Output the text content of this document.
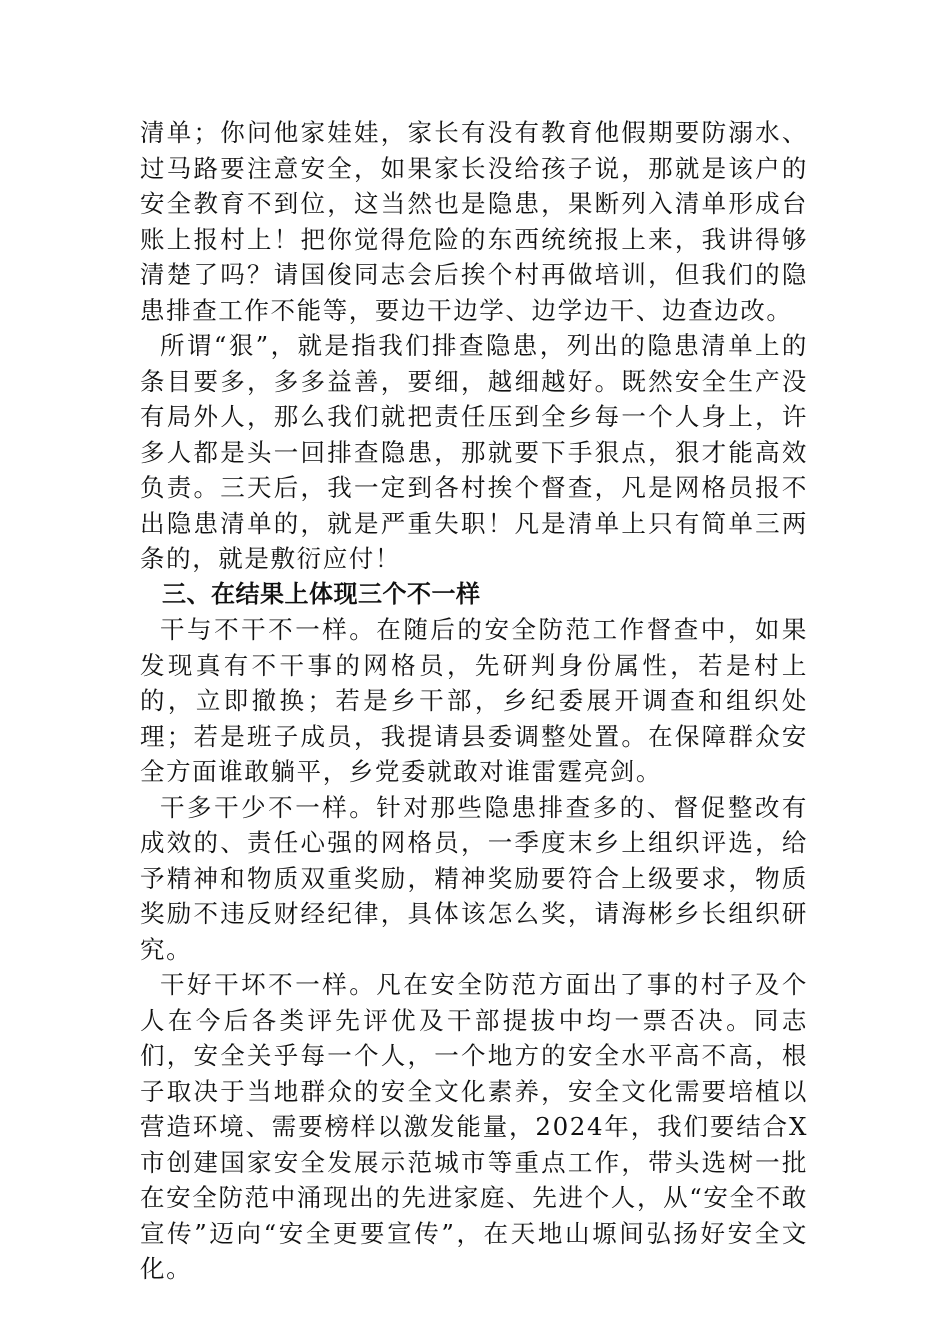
清单；你问他家娃娃，家长有没有教育他假期要防溺水、过马路要注意安全，如果家长没给孩子说，那就是该户的安全教育不到位，这当然也是隐患，果断列入清单形成台账上报村上！把你觉得危险的东西统统报上来，我讲得够清楚了吗？请国俊同志会后挨个村再做培训，但我们的隐患排查工作不能等，要边干边学、边学边干、边查边改。

所谓“狠”，就是指我们排查隐患，列出的隐患清单上的条目要多，多多益善，要细，越细越好。既然安全生产没有局外人，那么我们就把责任压到全乡每一个人身上，许多人都是头一回排查隐患，那就要下手狠点，狠才能高效负责。三天后，我一定到各村挨个督查，凡是网格员报不出隐患清单的，就是严重失职！凡是清单上只有简单三两条的，就是敷衍应付！

三、在结果上体现三个不一样

干与不干不一样。在随后的安全防范工作督查中，如果发现真有不干事的网格员，先研判身份属性，若是村上的，立即撤换；若是乡干部，乡纪委展开调查和组织处理；若是班子成员，我提请县委调整处置。在保障群众安全方面谁敢躺平，乡党委就敢对谁雷霆亮剑。

干多干少不一样。针对那些隐患排查多的、督促整改有成效的、责任心强的网格员，一季度末乡上组织评选，给予精神和物质双重奖励，精神奖励要符合上级要求，物质奖励不违反财经纪律，具体该怎么奖，请海彬乡长组织研究。

干好干坏不一样。凡在安全防范方面出了事的村子及个人在今后各类评先评优及干部提拔中均一票否决。同志们，安全关乎每一个人，一个地方的安全水平高不高，根子取决于当地群众的安全文化素养，安全文化需要培植以营造环境、需要榜样以激发能量，2024年，我们要结合X市创建国家安全发展示范城市等重点工作，带头选树一批在安全防范中涌现出的先进家庭、先进个人，从“安全不敢宣传”迈向“安全更要宣传”，在天地山塬间弘扬好安全文化。
